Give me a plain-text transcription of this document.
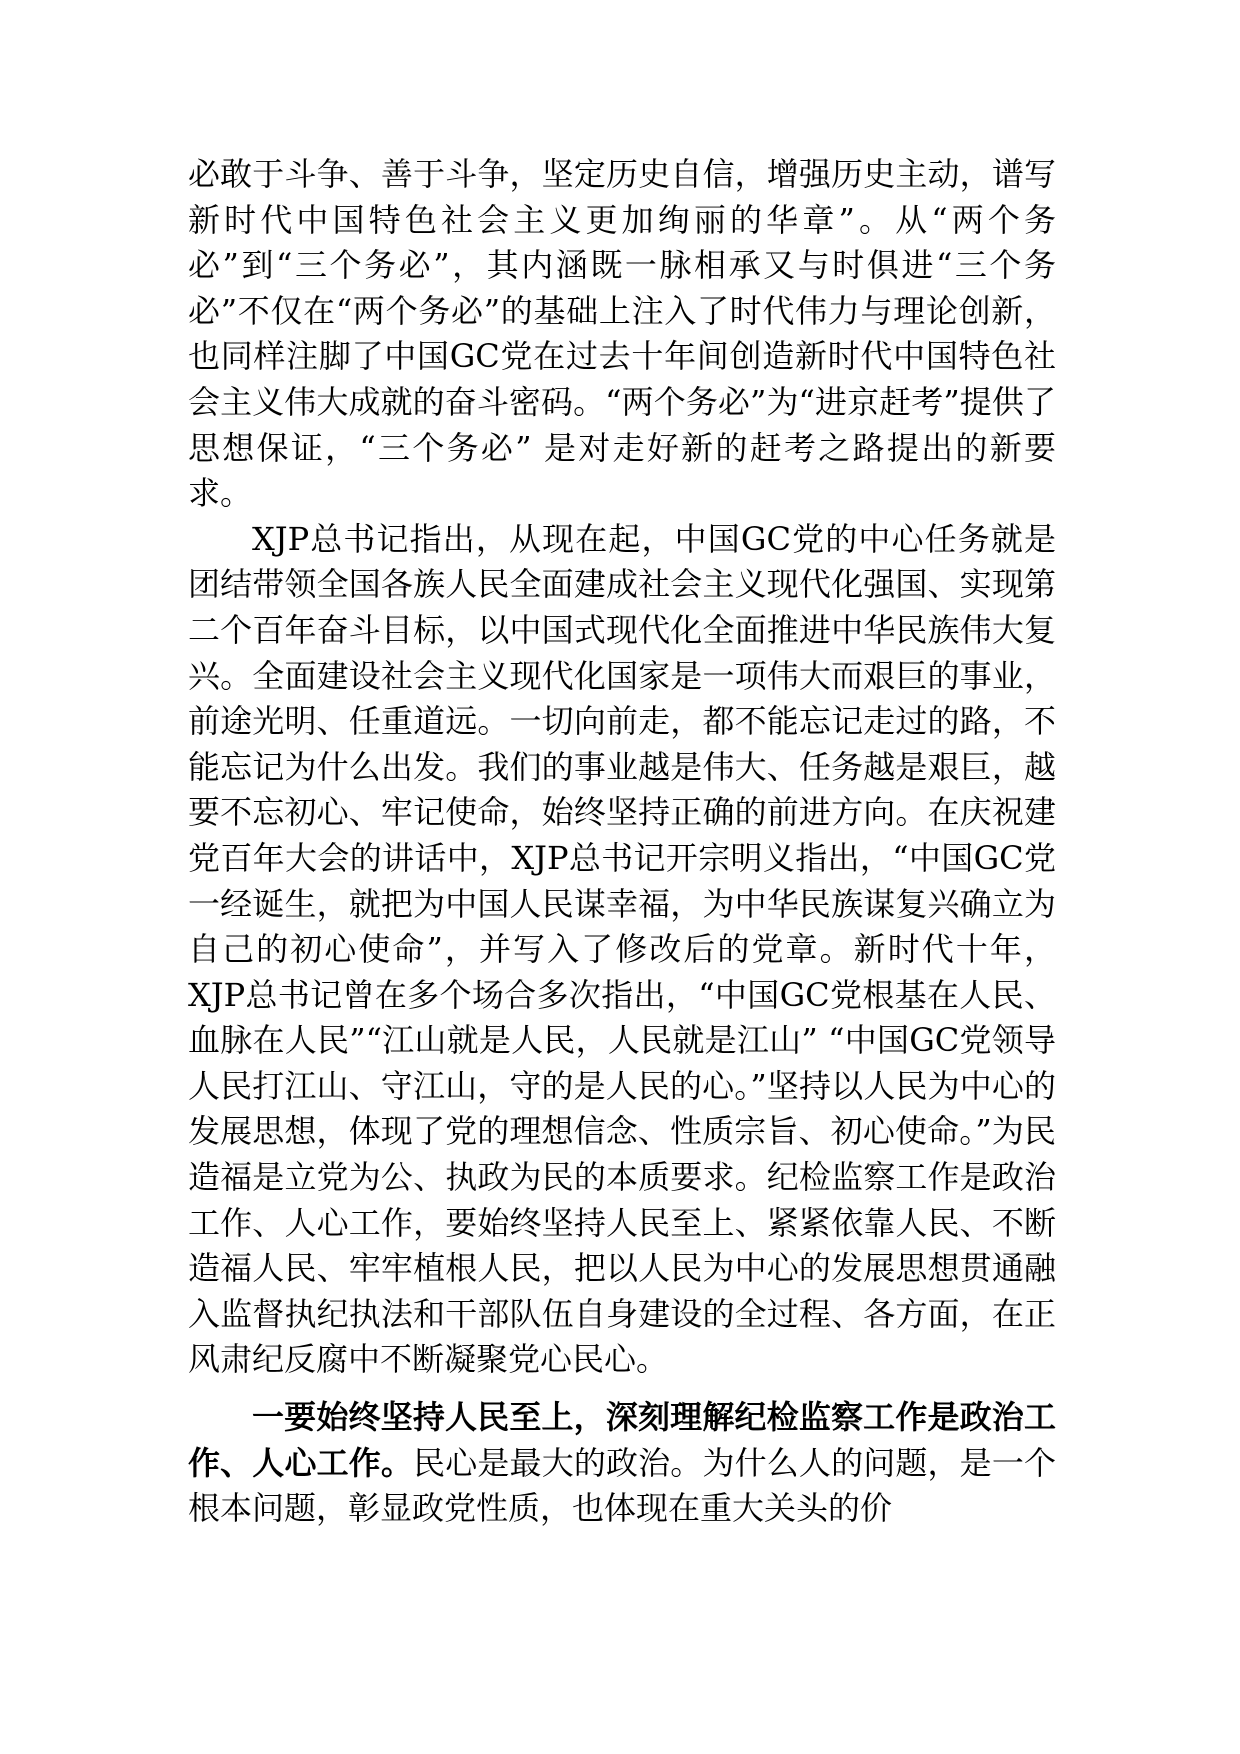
必敢于斗争、善于斗争，坚定历史自信，增强历史主动，谱写新时代中国特色社会主义更加绚丽的华章”。从“两个务必”到“三个务必”，其内涵既一脉相承又与时俱进“三个务必”不仅在“两个务必”的基础上注入了时代伟力与理论创新，也同样注脚了中国GC党在过去十年间创造新时代中国特色社会主义伟大成就的奋斗密码。“两个务必”为“进京赶考”提供了思想保证，“三个务必” 是对走好新的赶考之路提出的新要求。

XJP总书记指出，从现在起，中国GC党的中心任务就是团结带领全国各族人民全面建成社会主义现代化强国、实现第二个百年奋斗目标，以中国式现代化全面推进中华民族伟大复兴。全面建设社会主义现代化国家是一项伟大而艰巨的事业，前途光明、任重道远。一切向前走，都不能忘记走过的路，不能忘记为什么出发。我们的事业越是伟大、任务越是艰巨，越要不忘初心、牢记使命，始终坚持正确的前进方向。在庆祝建党百年大会的讲话中，XJP总书记开宗明义指出，“中国GC党一经诞生，就把为中国人民谋幸福，为中华民族谋复兴确立为自己的初心使命”，并写入了修改后的党章。新时代十年，XJP总书记曾在多个场合多次指出，“中国GC党根基在人民、血脉在人民”“江山就是人民，人民就是江山” “中国GC党领导人民打江山、守江山，守的是人民的心。”坚持以人民为中心的发展思想，体现了党的理想信念、性质宗旨、初心使命。”为民造福是立党为公、执政为民的本质要求。纪检监察工作是政治工作、人心工作，要始终坚持人民至上、紧紧依靠人民、不断造福人民、牢牢植根人民，把以人民为中心的发展思想贯通融入监督执纪执法和干部队伍自身建设的全过程、各方面，在正风肃纪反腐中不断凝聚党心民心。

一要始终坚持人民至上，深刻理解纪检监察工作是政治工作、人心工作。民心是最大的政治。为什么人的问题，是一个根本问题，彰显政党性质，也体现在重大关头的价
